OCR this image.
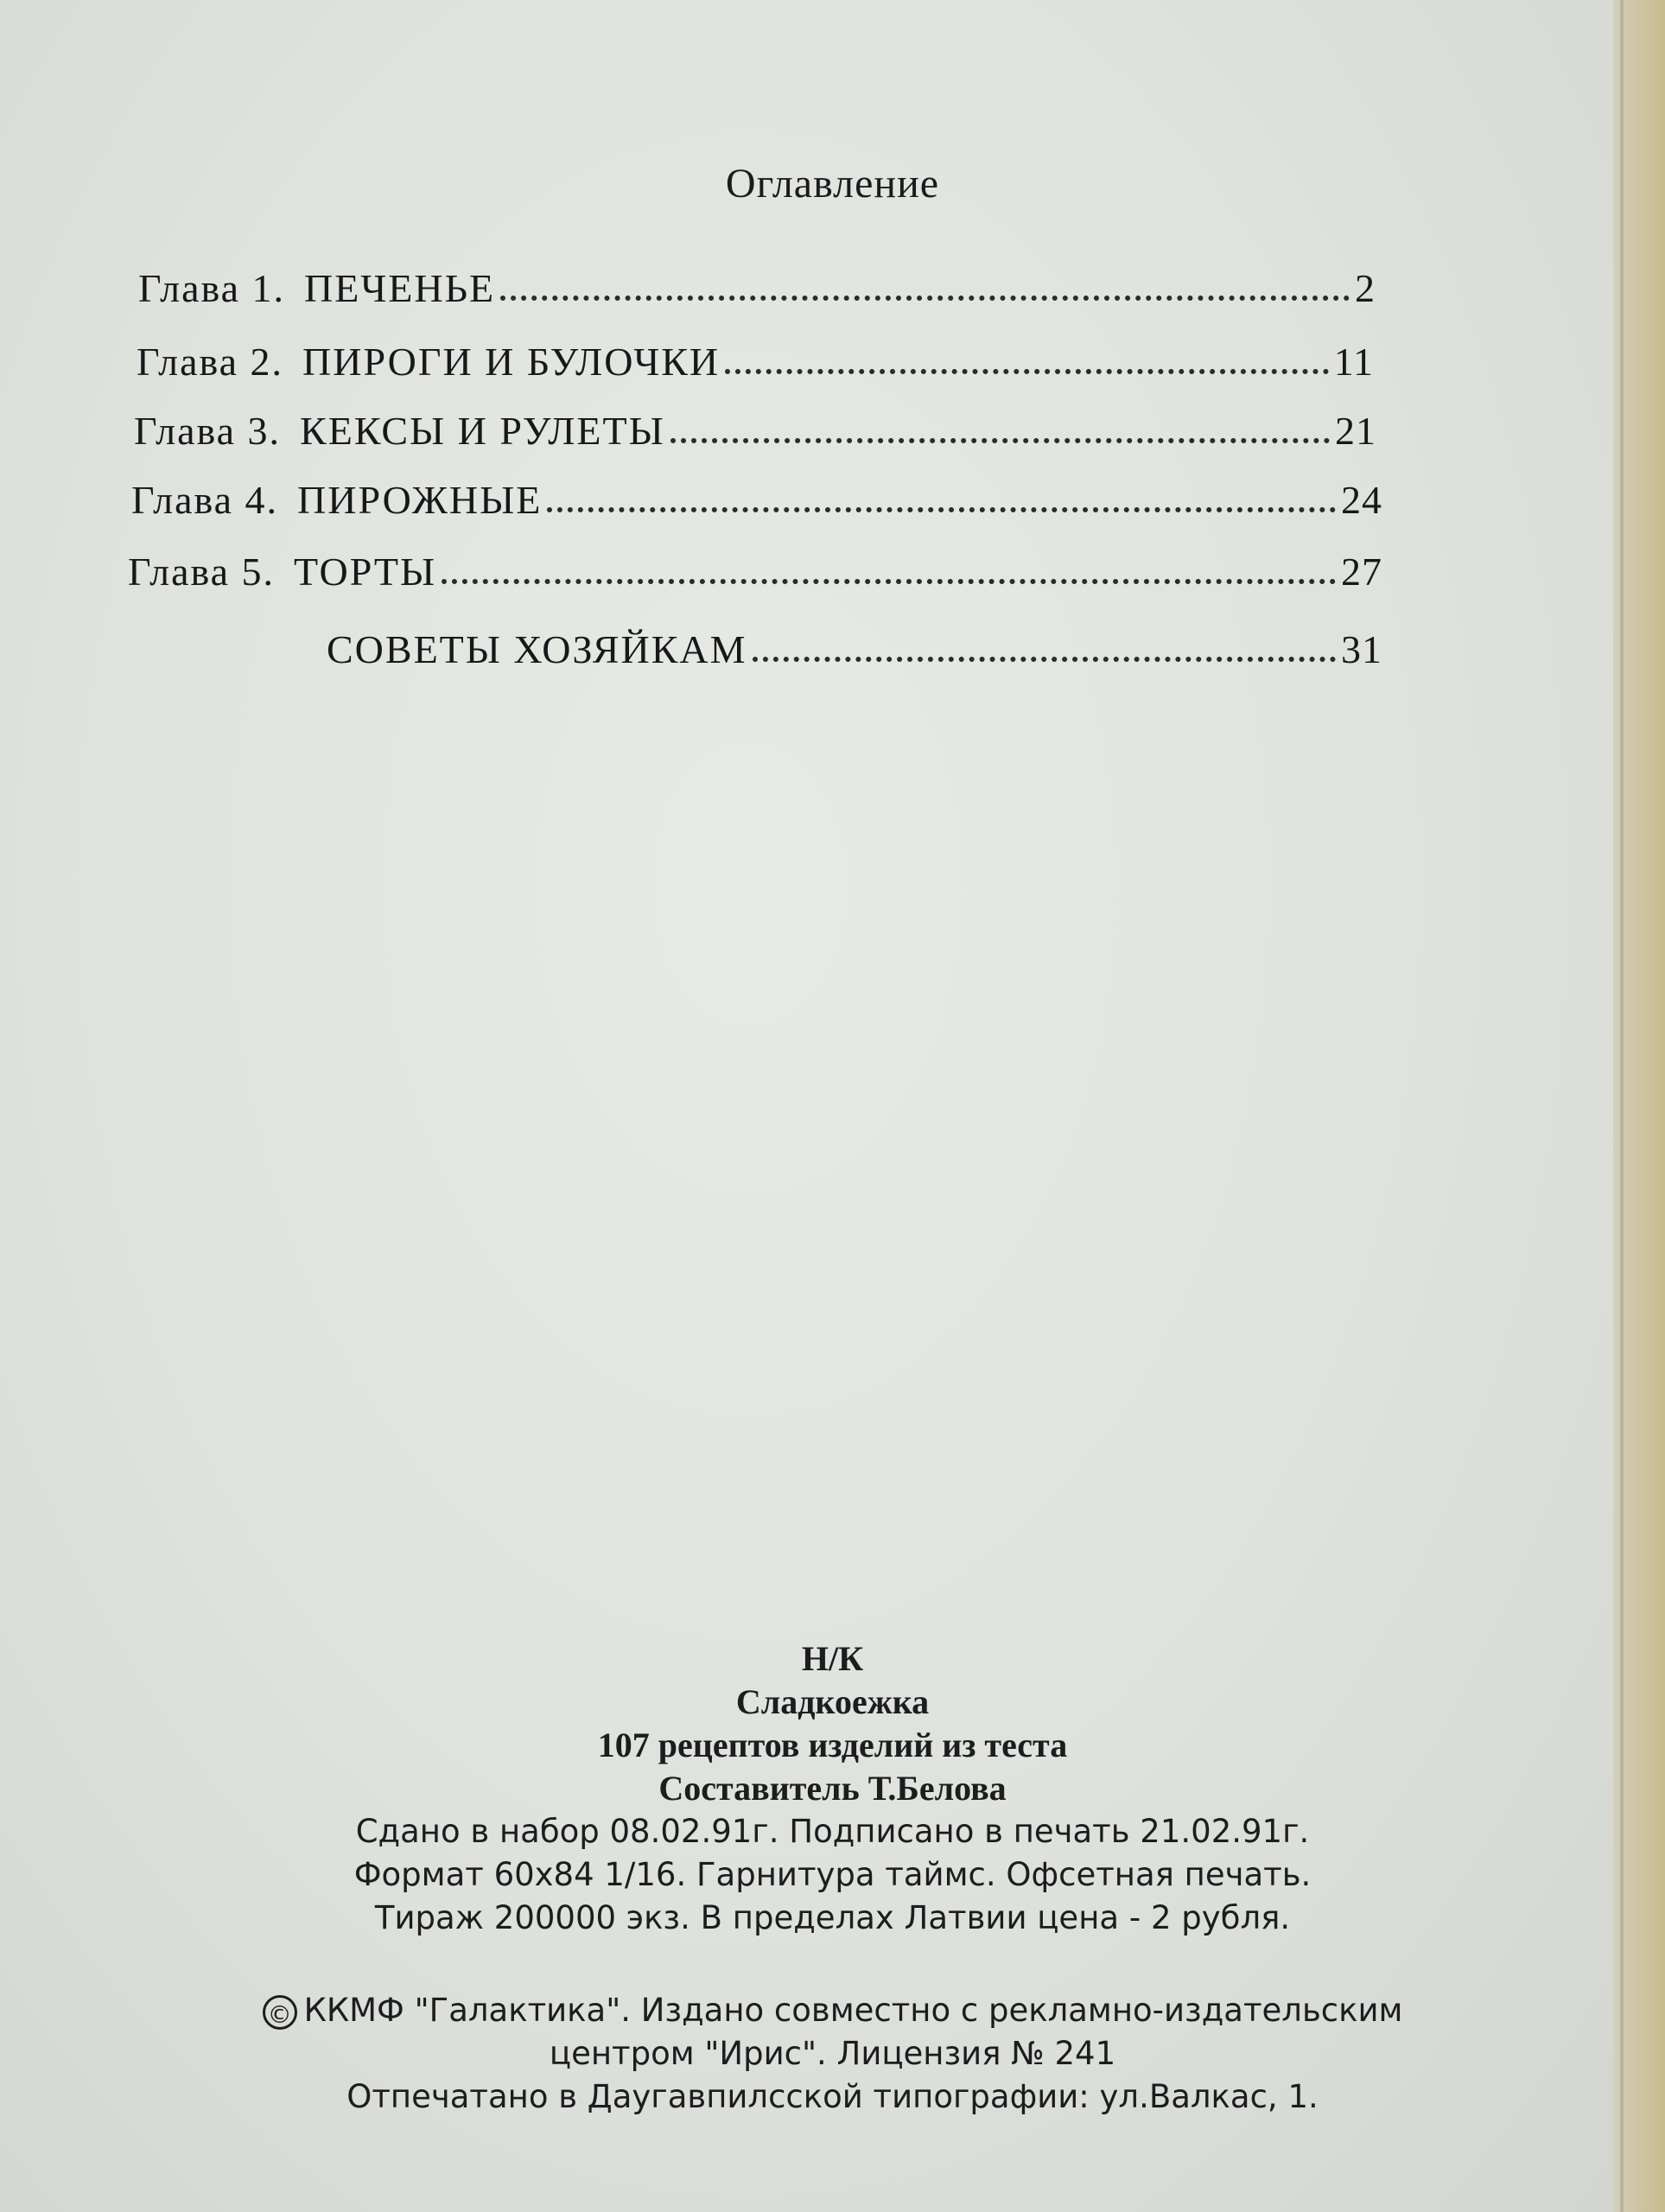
Оглавление
Глава 1. ПЕЧЕНЬЕ	2
Глава 2. ПИРОГИ И БУЛОЧКИ	11
Глава 3. КЕКСЫ И РУЛЕТЫ	21
Глава 4. ПИРОЖНЫЕ	24
Глава 5. ТОРТЫ	27
СОВЕТЫ ХОЗЯЙКАМ	31
Н/К
Сладкоежка
107 рецептов изделий из теста
Составитель Т.Белова
Сдано в набор 08.02.91г. Подписано в печать 21.02.91г.
Формат 60х84 1/16. Гарнитура таймс. Офсетная печать.
Тираж 200000 экз. В пределах Латвии цена - 2 рубля.
© ККМФ "Галактика". Издано совместно с рекламно-издательским
центром "Ирис". Лицензия № 241
Отпечатано в Даугавпилсской типографии: ул.Валкас, 1.
